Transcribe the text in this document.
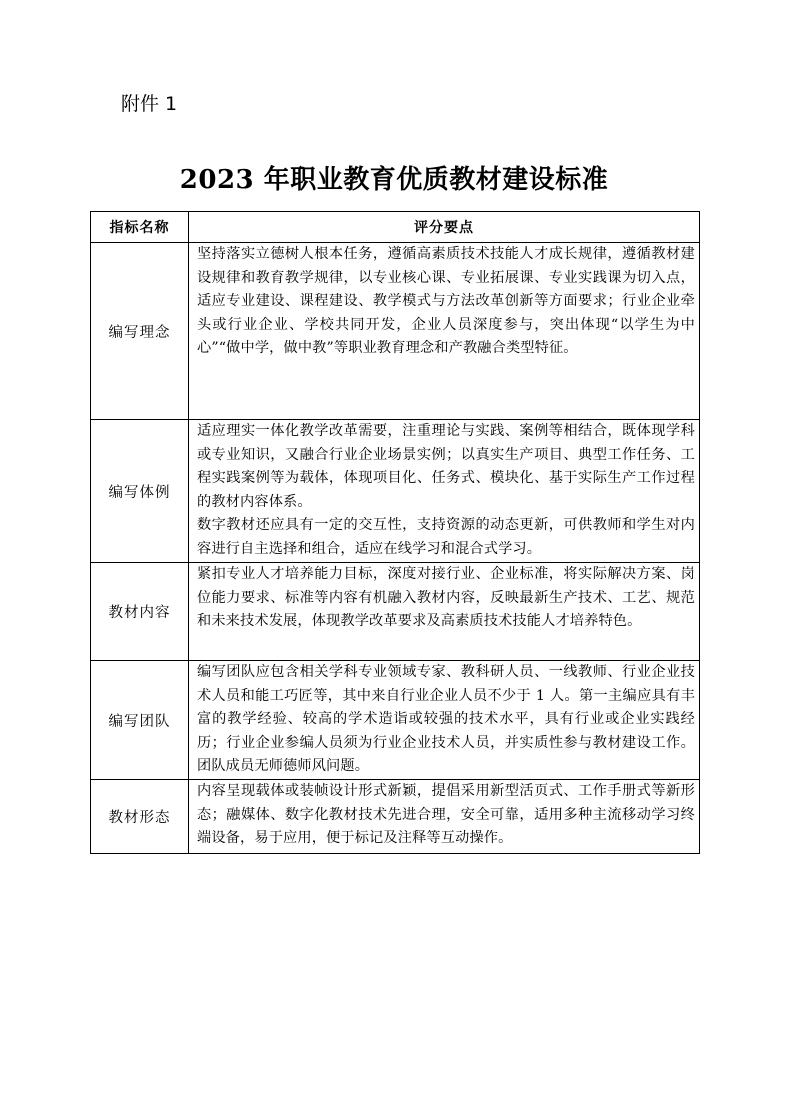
附件 1
2023 年职业教育优质教材建设标准
指标名称	评分要点
编写理念	坚持落实立德树人根本任务，遵循高素质技术技能人才成长规律，遵循教材建设规律和教育教学规律，以专业核心课、专业拓展课、专业实践课为切入点，适应专业建设、课程建设、教学模式与方法改革创新等方面要求；行业企业牵头或行业企业、学校共同开发，企业人员深度参与，突出体现“以学生为中心”“做中学，做中教”等职业教育理念和产教融合类型特征。

编写体例	适应理实一体化教学改革需要，注重理论与实践、案例等相结合，既体现学科或专业知识，又融合行业企业场景实例；以真实生产项目、典型工作任务、工程实践案例等为载体，体现项目化、任务式、模块化、基于实际生产工作过程的教材内容体系。

数字教材还应具有一定的交互性，支持资源的动态更新，可供教师和学生对内容进行自主选择和组合，适应在线学习和混合式学习。

教材内容	紧扣专业人才培养能力目标，深度对接行业、企业标准，将实际解决方案、岗位能力要求、标准等内容有机融入教材内容，反映最新生产技术、工艺、规范和未来技术发展，体现教学改革要求及高素质技术技能人才培养特色。

编写团队	编写团队应包含相关学科专业领域专家、教科研人员、一线教师、行业企业技术人员和能工巧匠等，其中来自行业企业人员不少于 1 人。第一主编应具有丰富的教学经验、较高的学术造诣或较强的技术水平，具有行业或企业实践经历；行业企业参编人员须为行业企业技术人员，并实质性参与教材建设工作。团队成员无师德师风问题。

教材形态	内容呈现载体或装帧设计形式新颖，提倡采用新型活页式、工作手册式等新形态；融媒体、数字化教材技术先进合理，安全可靠，适用多种主流移动学习终端设备，易于应用，便于标记及注释等互动操作。
